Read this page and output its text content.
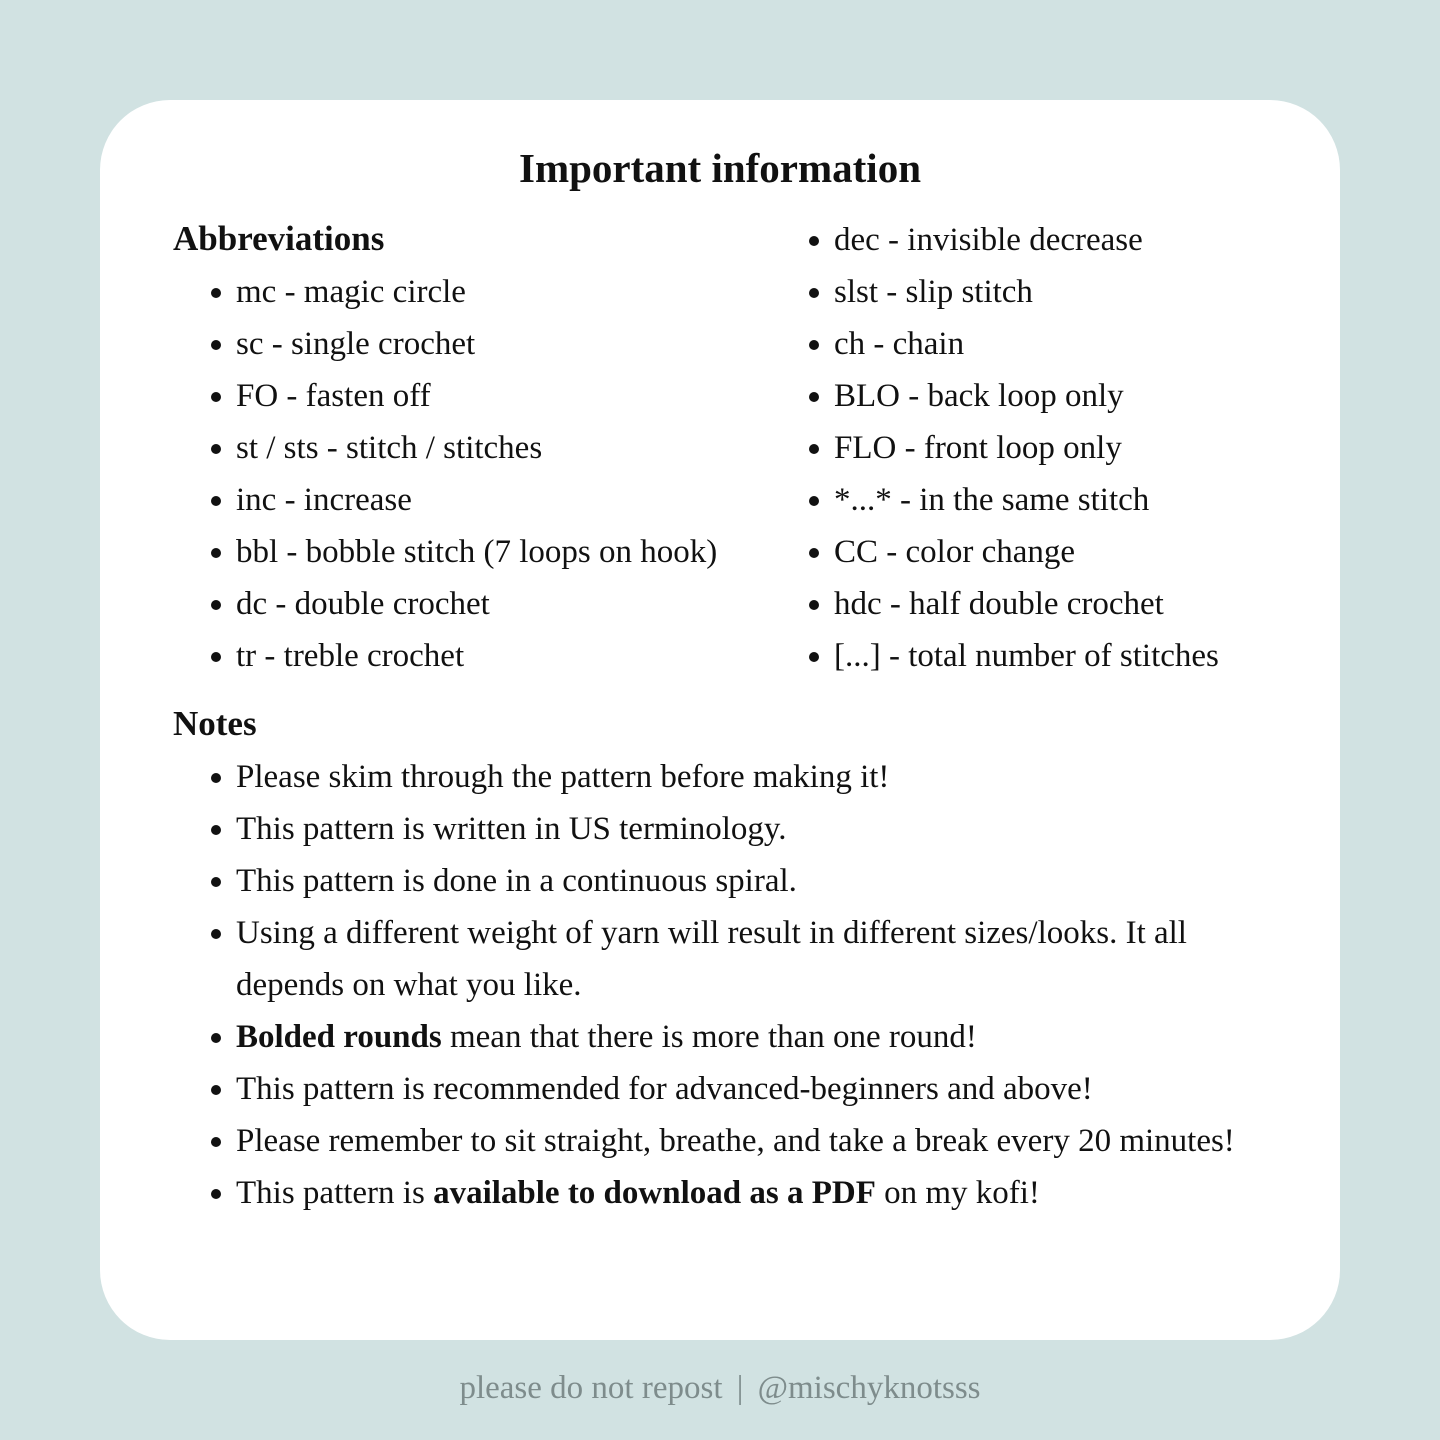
Important information
Abbreviations
mc - magic circle
sc - single crochet
FO - fasten off
st / sts - stitch / stitches
inc - increase
bbl - bobble stitch (7 loops on hook)
dc - double crochet
tr - treble crochet
dec - invisible decrease
slst - slip stitch
ch - chain
BLO - back loop only
FLO - front loop only
*...* - in the same stitch
CC - color change
hdc - half double crochet
[...] - total number of stitches
Notes
Please skim through the pattern before making it!
This pattern is written in US terminology.
This pattern is done in a continuous spiral.
Using a different weight of yarn will result in different sizes/looks. It all depends on what you like.
Bolded rounds mean that there is more than one round!
This pattern is recommended for advanced-beginners and above!
Please remember to sit straight, breathe, and take a break every 20 minutes!
This pattern is available to download as a PDF on my kofi!

please do not repost | @mischyknotsss
